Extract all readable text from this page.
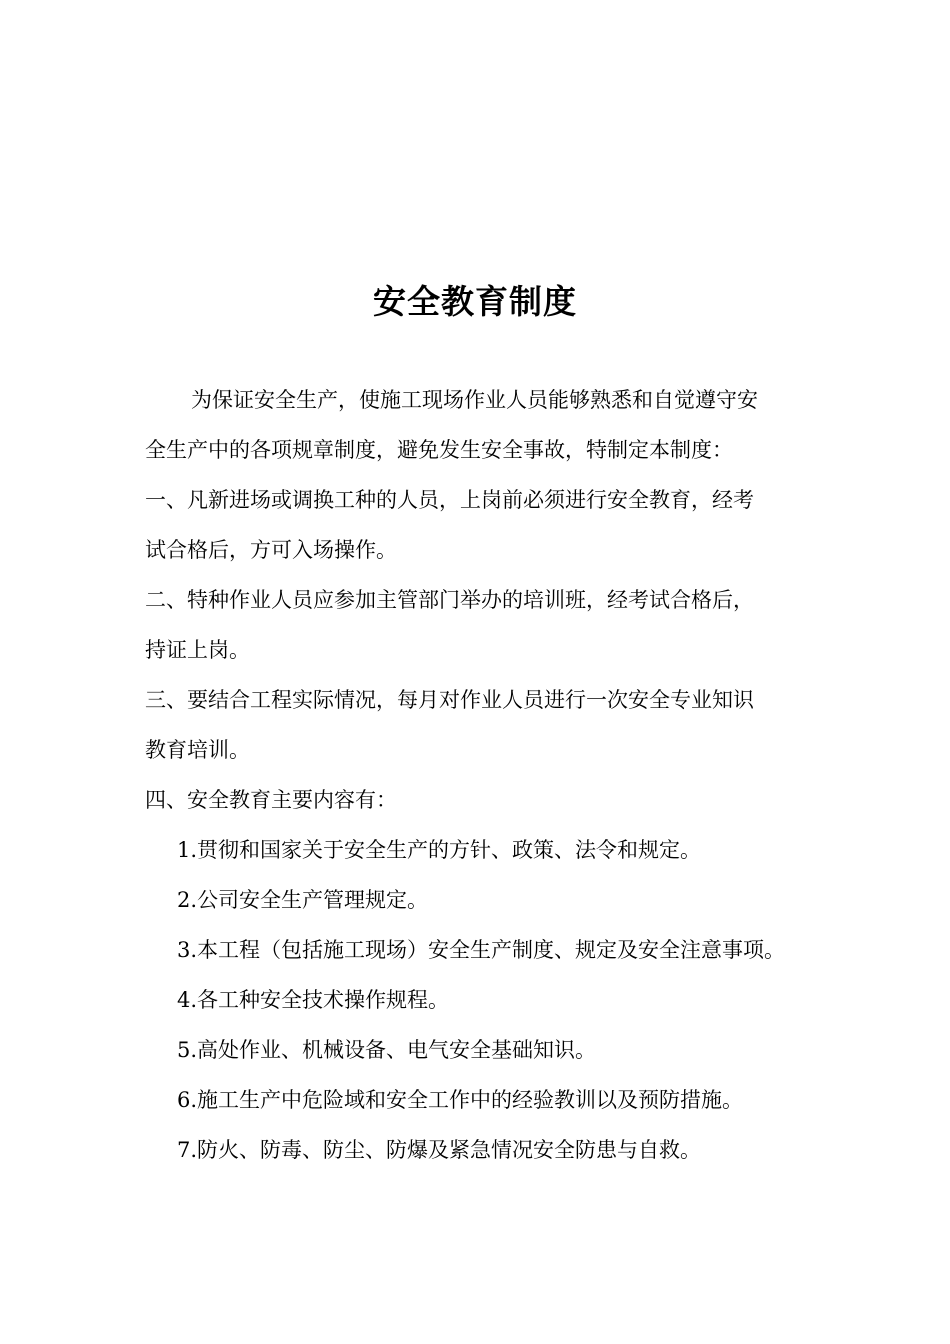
安全教育制度

为保证安全生产，使施工现场作业人员能够熟悉和自觉遵守安

全生产中的各项规章制度，避免发生安全事故，特制定本制度：

一、凡新进场或调换工种的人员，上岗前必须进行安全教育，经考

试合格后，方可入场操作。

二、特种作业人员应参加主管部门举办的培训班，经考试合格后，

持证上岗。

三、要结合工程实际情况，每月对作业人员进行一次安全专业知识

教育培训。

四、安全教育主要内容有：

1.贯彻和国家关于安全生产的方针、政策、法令和规定。

2.公司安全生产管理规定。

3.本工程（包括施工现场）安全生产制度、规定及安全注意事项。

4.各工种安全技术操作规程。

5.高处作业、机械设备、电气安全基础知识。

6.施工生产中危险域和安全工作中的经验教训以及预防措施。

7.防火、防毒、防尘、防爆及紧急情况安全防患与自救。
